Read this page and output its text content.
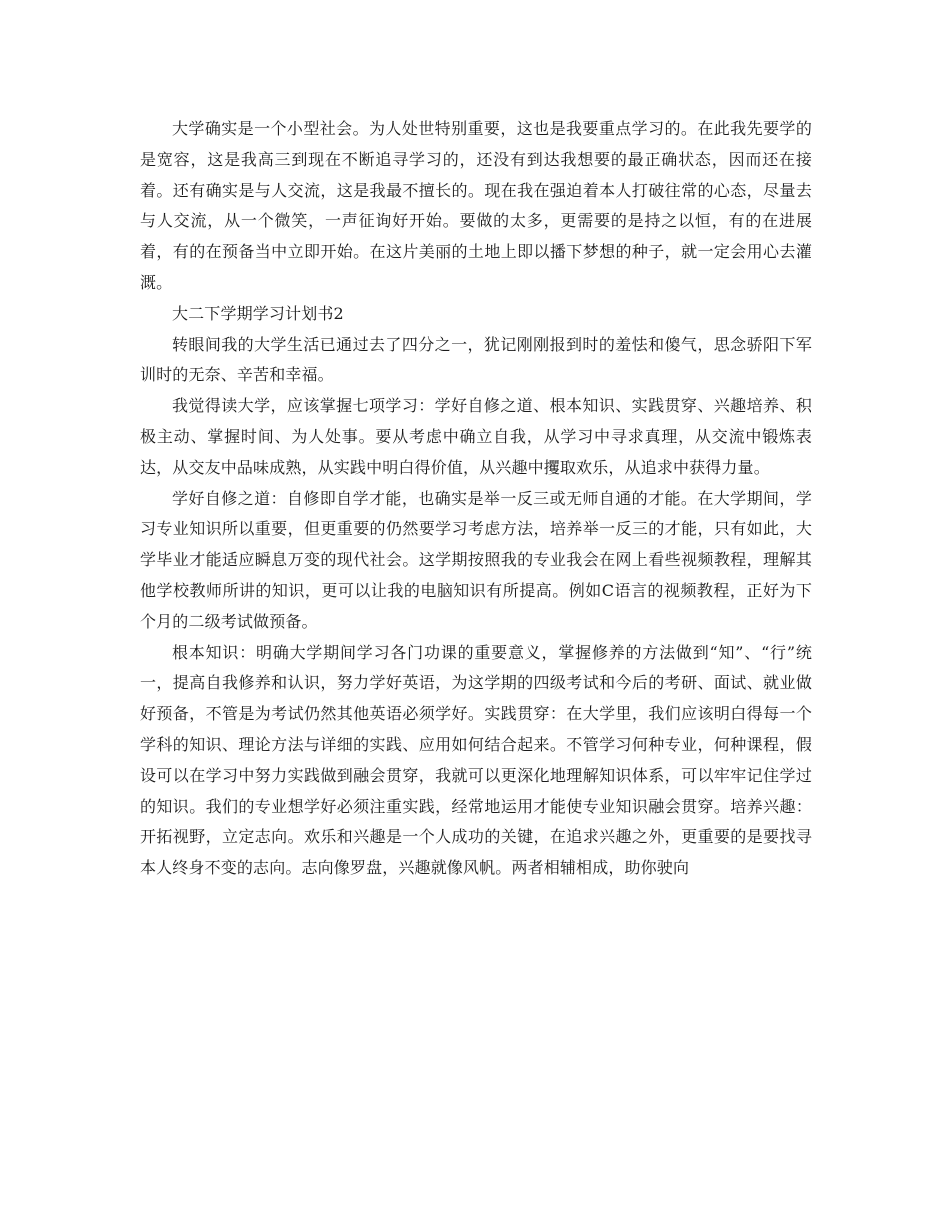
大学确实是一个小型社会。为人处世特别重要，这也是我要重点学习的。在此我先要学的是宽容，这是我高三到现在不断追寻学习的，还没有到达我想要的最正确状态，因而还在接着。还有确实是与人交流，这是我最不擅长的。现在我在强迫着本人打破往常的心态，尽量去与人交流，从一个微笑，一声征询好开始。要做的太多，更需要的是持之以恒，有的在进展着，有的在预备当中立即开始。在这片美丽的土地上即以播下梦想的种子，就一定会用心去灌溉。

大二下学期学习计划书2

转眼间我的大学生活已通过去了四分之一，犹记刚刚报到时的羞怯和傻气，思念骄阳下军训时的无奈、辛苦和幸福。

我觉得读大学，应该掌握七项学习：学好自修之道、根本知识、实践贯穿、兴趣培养、积极主动、掌握时间、为人处事。要从考虑中确立自我，从学习中寻求真理，从交流中锻炼表达，从交友中品味成熟，从实践中明白得价值，从兴趣中攫取欢乐，从追求中获得力量。

学好自修之道：自修即自学才能，也确实是举一反三或无师自通的才能。在大学期间，学习专业知识所以重要，但更重要的仍然要学习考虑方法，培养举一反三的才能，只有如此，大学毕业才能适应瞬息万变的现代社会。这学期按照我的专业我会在网上看些视频教程，理解其他学校教师所讲的知识，更可以让我的电脑知识有所提高。例如C语言的视频教程，正好为下个月的二级考试做预备。

根本知识：明确大学期间学习各门功课的重要意义，掌握修养的方法做到“知”、“行”统一，提高自我修养和认识，努力学好英语，为这学期的四级考试和今后的考研、面试、就业做好预备，不管是为考试仍然其他英语必须学好。实践贯穿：在大学里，我们应该明白得每一个学科的知识、理论方法与详细的实践、应用如何结合起来。不管学习何种专业，何种课程，假设可以在学习中努力实践做到融会贯穿，我就可以更深化地理解知识体系，可以牢牢记住学过的知识。我们的专业想学好必须注重实践，经常地运用才能使专业知识融会贯穿。培养兴趣：开拓视野，立定志向。欢乐和兴趣是一个人成功的关键，在追求兴趣之外，更重要的是要找寻本人终身不变的志向。志向像罗盘，兴趣就像风帆。两者相辅相成，助你驶向
